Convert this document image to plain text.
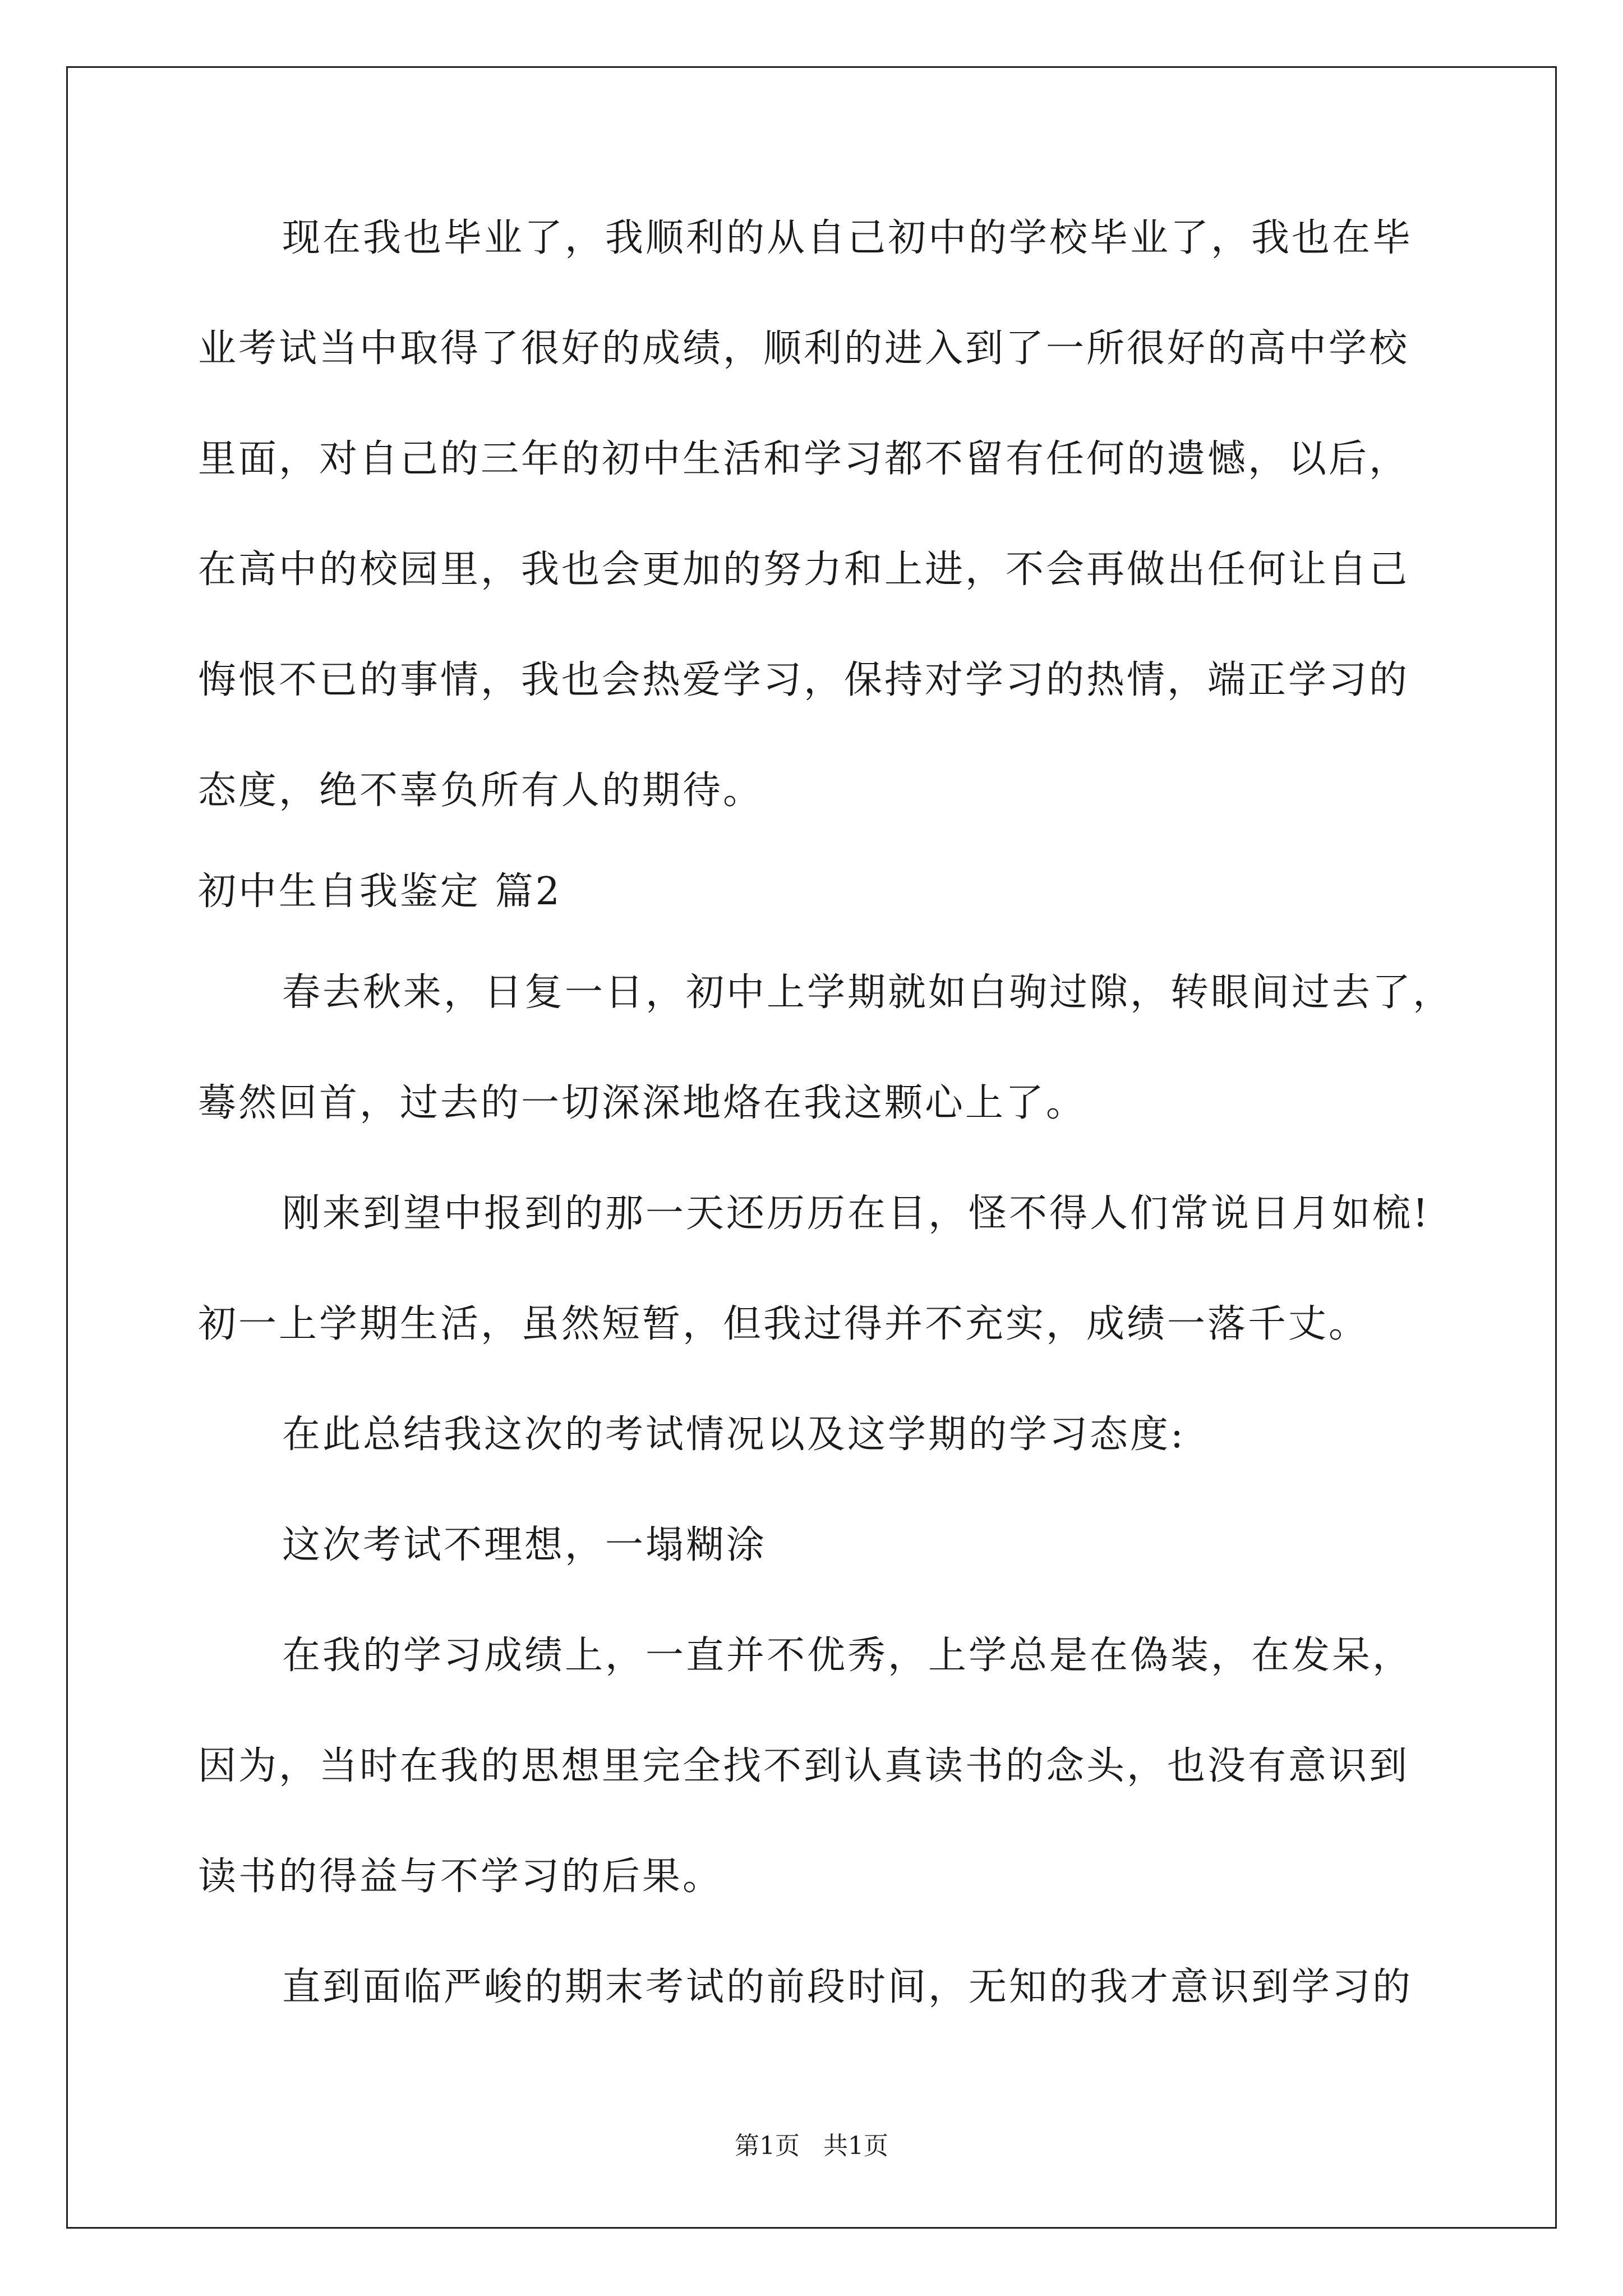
现在我也毕业了，我顺利的从自己初中的学校毕业了，我也在毕
业考试当中取得了很好的成绩，顺利的进入到了一所很好的高中学校
里面，对自己的三年的初中生活和学习都不留有任何的遗憾，以后，
在高中的校园里，我也会更加的努力和上进，不会再做出任何让自己
悔恨不已的事情，我也会热爱学习，保持对学习的热情，端正学习的
态度，绝不辜负所有人的期待。
初中生自我鉴定 篇2
春去秋来，日复一日，初中上学期就如白驹过隙，转眼间过去了，
蓦然回首，过去的一切深深地烙在我这颗心上了。
刚来到望中报到的那一天还历历在目，怪不得人们常说日月如梳!
初一上学期生活，虽然短暂，但我过得并不充实，成绩一落千丈。
在此总结我这次的考试情况以及这学期的学习态度:
这次考试不理想，一塌糊涂
在我的学习成绩上，一直并不优秀，上学总是在偽装，在发呆，
因为，当时在我的思想里完全找不到认真读书的念头，也没有意识到
读书的得益与不学习的后果。
直到面临严峻的期末考试的前段时间，无知的我才意识到学习的
第1页   共1页
